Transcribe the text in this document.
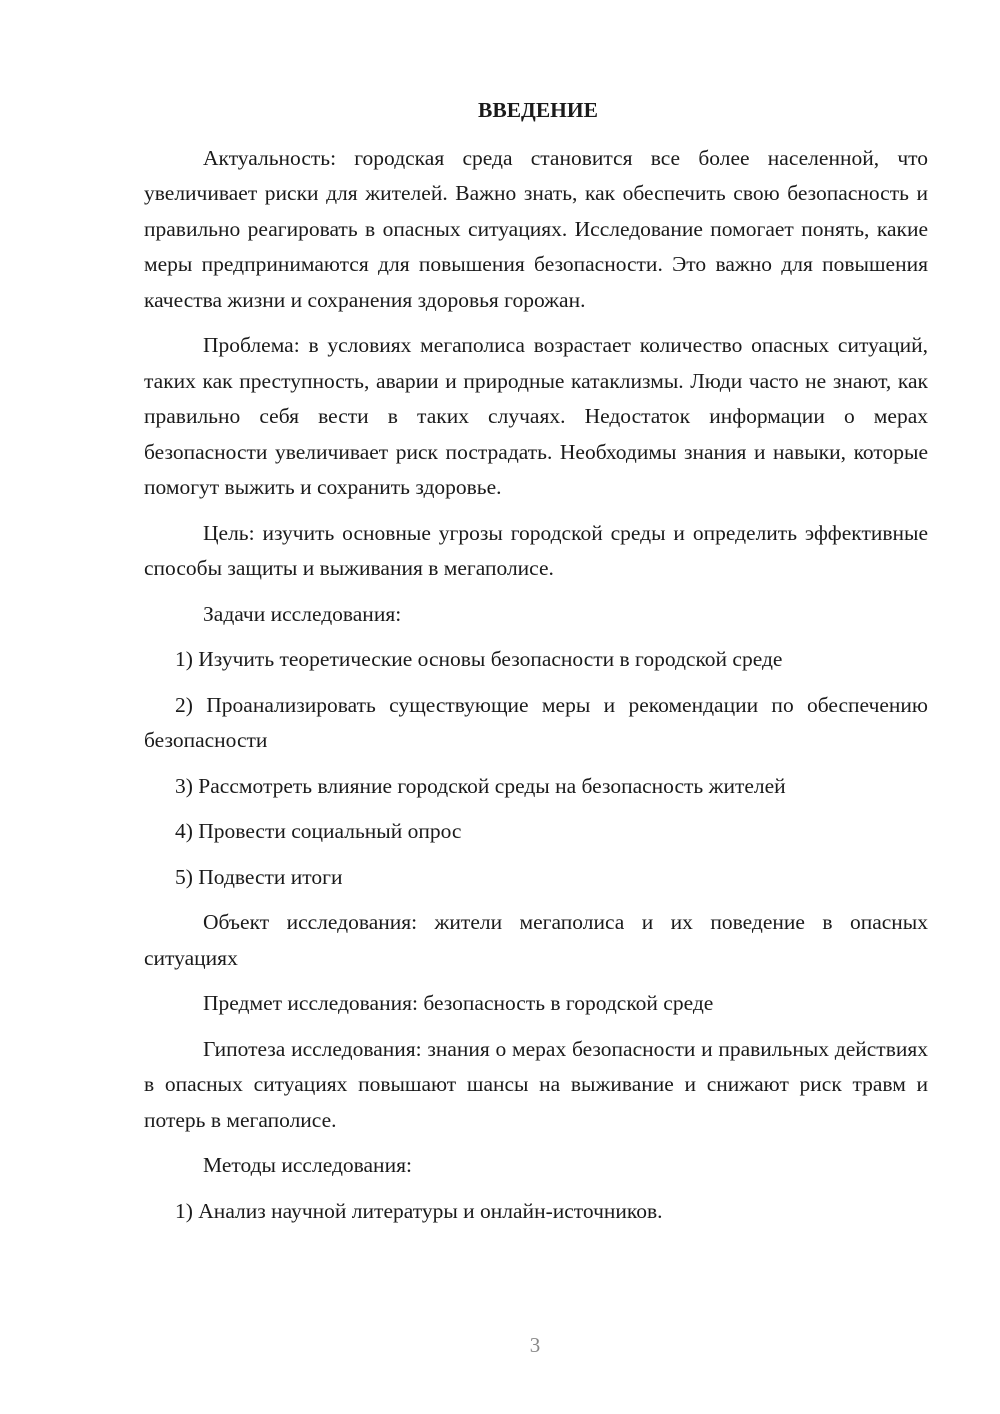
ВВЕДЕНИЕ

Актуальность: городская среда становится все более населенной, что увеличивает риски для жителей. Важно знать, как обеспечить свою безопасность и правильно реагировать в опасных ситуациях. Исследование помогает понять, какие меры предпринимаются для повышения безопасности. Это важно для повышения качества жизни и сохранения здоровья горожан.

Проблема: в условиях мегаполиса возрастает количество опасных ситуаций, таких как преступность, аварии и природные катаклизмы. Люди часто не знают, как правильно себя вести в таких случаях. Недостаток информации о мерах безопасности увеличивает риск пострадать. Необходимы знания и навыки, которые помогут выжить и сохранить здоровье.

Цель: изучить основные угрозы городской среды и определить эффективные способы защиты и выживания в мегаполисе.

Задачи исследования:

1) Изучить теоретические основы безопасности в городской среде

2) Проанализировать существующие меры и рекомендации по обеспечению безопасности

3) Рассмотреть влияние городской среды на безопасность жителей

4) Провести социальный опрос

5) Подвести итоги

Объект исследования: жители мегаполиса и их поведение в опасных ситуациях

Предмет исследования: безопасность в городской среде

Гипотеза исследования: знания о мерах безопасности и правильных действиях в опасных ситуациях повышают шансы на выживание и снижают риск травм и потерь в мегаполисе.

Методы исследования:

1) Анализ научной литературы и онлайн-источников.

3
